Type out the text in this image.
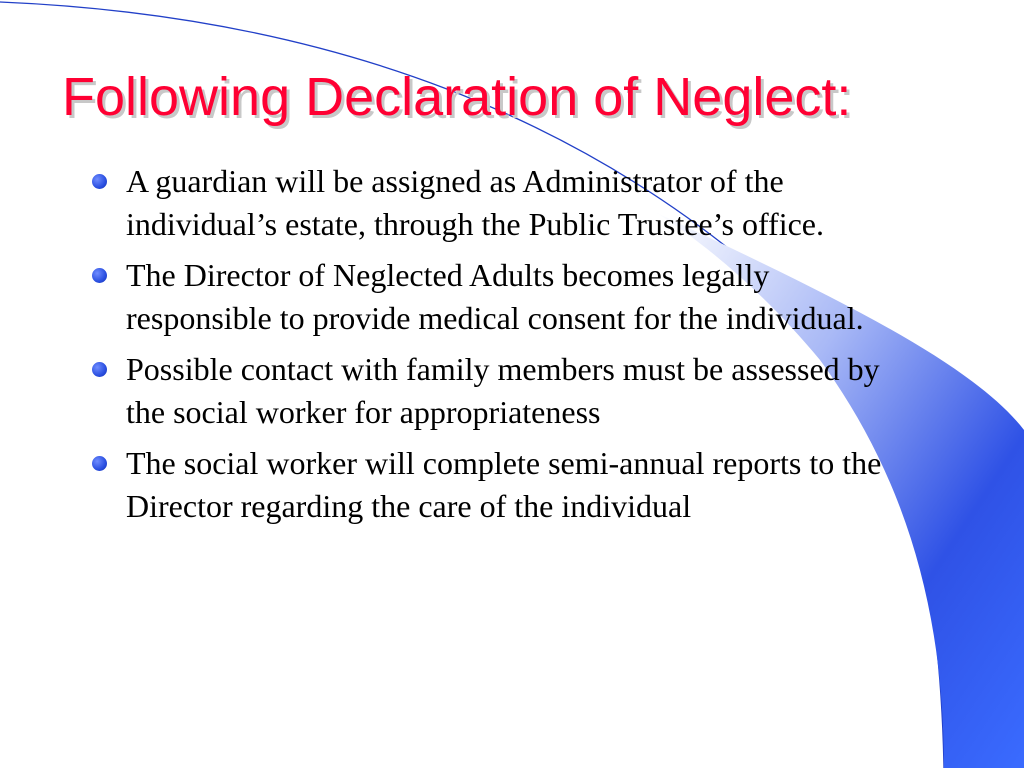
Following Declaration of Neglect:
A guardian will be assigned as Administrator of the individual’s estate, through the Public Trustee’s office.
The Director of Neglected Adults becomes legally responsible to provide medical consent for the individual.
Possible contact with family members must be assessed by the social worker for appropriateness
The social worker will complete semi-annual reports to the Director regarding the care of the individual
